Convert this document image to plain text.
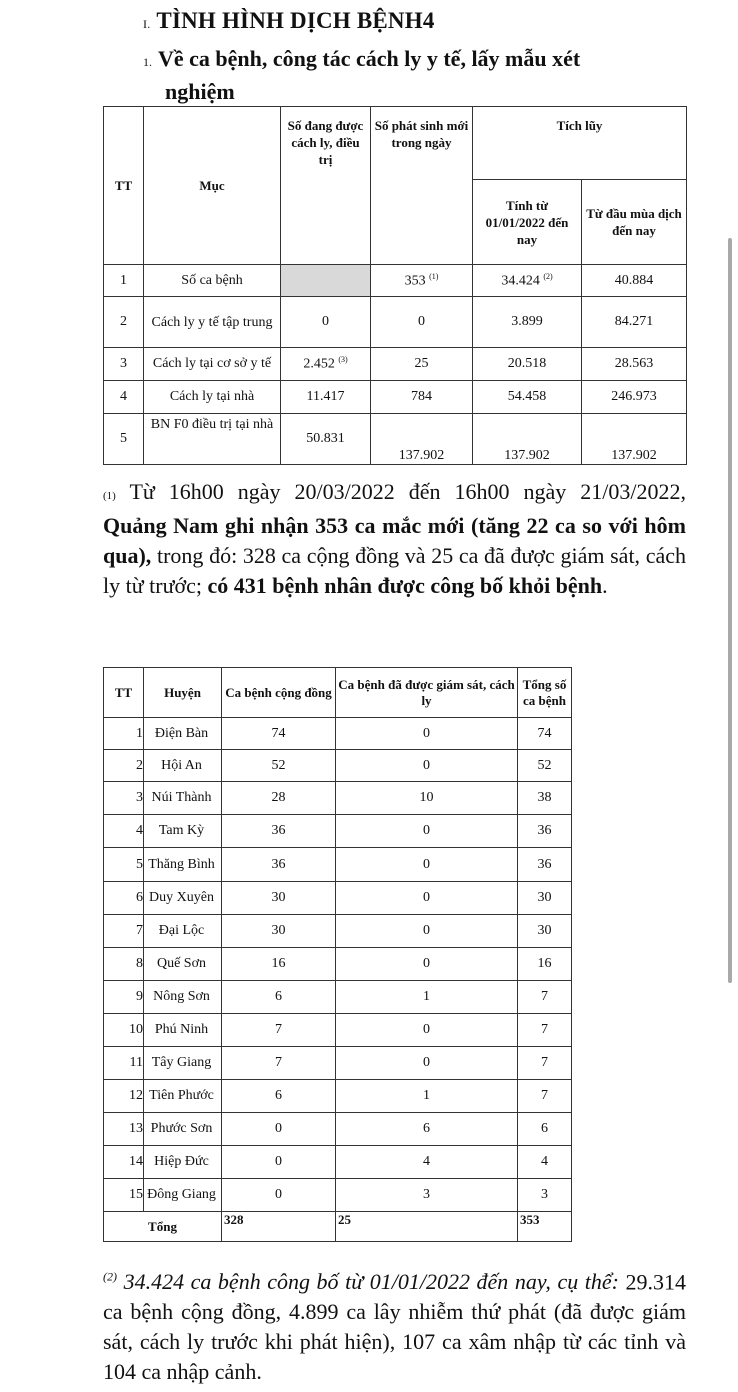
I. TÌNH HÌNH DỊCH BỆNH4
1. Về ca bệnh, công tác cách ly y tế, lấy mẫu xét
nghiệm
TT	Mục	Số đang được cách ly, điều trị	Số phát sinh mới trong ngày	Tích lũy	
				Tính từ 01/01/2022 đến nay	Từ đầu mùa dịch đến nay
1	Số ca bệnh		353 $^{(1)}$	34.424 $^{(2)}$	40.884
2	Cách ly y tế tập trung	0	0	3.899	84.271
3	Cách ly tại cơ sở y tế	2.452 $^{(3)}$	25	20.518	28.563
4	Cách ly tại nhà	11.417	784	54.458	246.973
5	BN F0 điều trị tại nhà	50.831	137.902	137.902	137.902
(1) Từ 16h00 ngày 20/03/2022 đến 16h00 ngày 21/03/2022, Quảng Nam ghi nhận 353 ca mắc mới (tăng 22 ca so với hôm qua), trong đó: 328 ca cộng đồng và 25 ca đã được giám sát, cách ly từ trước; có 431 bệnh nhân được công bố khỏi bệnh.
TT	Huyện	Ca bệnh cộng đồng	Ca bệnh đã được giám sát, cách ly	Tổng số ca bệnh
1	Điện Bàn	74	0	74
2	Hội An	52	0	52
3	Núi Thành	28	10	38
4	Tam Kỳ	36	0	36
5	Thăng Bình	36	0	36
6	Duy Xuyên	30	0	30
7	Đại Lộc	30	0	30
8	Quế Sơn	16	0	16
9	Nông Sơn	6	1	7
10	Phú Ninh	7	0	7
11	Tây Giang	7	0	7
12	Tiên Phước	6	1	7
13	Phước Sơn	0	6	6
14	Hiệp Đức	0	4	4
15	Đông Giang	0	3	3
Tổng		328	25	353
$^{(2)}$ 34.424 ca bệnh công bố từ 01/01/2022 đến nay, cụ thể: 29.314 ca bệnh cộng đồng, 4.899 ca lây nhiễm thứ phát (đã được giám sát, cách ly trước khi phát hiện), 107 ca xâm nhập từ các tỉnh và 104 ca nhập cảnh.
